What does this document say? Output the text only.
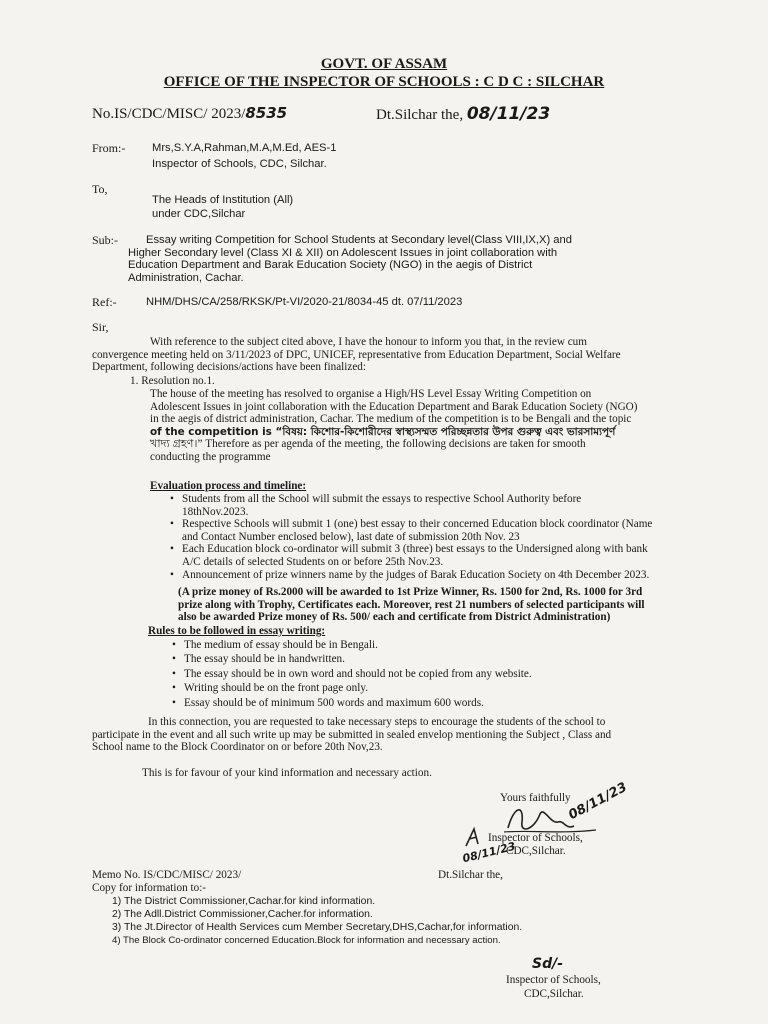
GOVT. OF ASSAM
OFFICE OF THE INSPECTOR OF SCHOOLS : C D C : SILCHAR
No.IS/CDC/MISC/ 2023/8535	Dt.Silchar the, 08/11/23
From:- Mrs,S.Y.A,Rahman,M.A,M.Ed, AES-1
Inspector of Schools, CDC, Silchar.
To,
The Heads of Institution (All)
under CDC,Silchar
Sub:- Essay writing Competition for School Students at Secondary level(Class VIII,IX,X) and
Higher Secondary level (Class XI & XII) on Adolescent Issues in joint collaboration with
Education Department and Barak Education Society (NGO) in the aegis of District
Administration, Cachar.
Ref:-	NHM/DHS/CA/258/RKSK/Pt-VI/2020-21/8034-45 dt. 07/11/2023
Sir,
With reference to the subject cited above, I have the honour to inform you that, in the review cum
convergence meeting held on 3/11/2023 of DPC, UNICEF, representative from Education Department, Social Welfare
Department, following decisions/actions have been finalized:
1. Resolution no.1.
The house of the meeting has resolved to organise a High/HS Level Essay Writing Competition on
Adolescent Issues in joint collaboration with the Education Department and Barak Education Society (NGO)
in the aegis of district administration, Cachar. The medium of the competition is to be Bengali and the topic
of the competition is “বিষয়: কিশোর-কিশোরীদের স্বাস্থ্যসম্মত পরিচ্ছন্নতার উপর গুরুত্ব এবং ভারসাম্যপূর্ণ
খাদ্য গ্রহণ।” Therefore as per agenda of the meeting, the following decisions are taken for smooth
conducting the programme
Evaluation process and timeline:
• Students from all the School will submit the essays to respective School Authority before
18thNov.2023.
• Respective Schools will submit 1 (one) best essay to their concerned Education block coordinator (Name
and Contact Number enclosed below), last date of submission 20th Nov. 23
• Each Education block co-ordinator will submit 3 (three) best essays to the Undersigned along with bank
A/C details of selected Students on or before 25th Nov.23.
• Announcement of prize winners name by the judges of Barak Education Society on 4th December 2023.
(A prize money of Rs.2000 will be awarded to 1st Prize Winner, Rs. 1500 for 2nd, Rs. 1000 for 3rd
prize along with Trophy, Certificates each. Moreover, rest 21 numbers of selected participants will
also be awarded Prize money of Rs. 500/ each and certificate from District Administration)
Rules to be followed in essay writing:
• The medium of essay should be in Bengali.
• The essay should be in handwritten.
• The essay should be in own word and should not be copied from any website.
• Writing should be on the front page only.
• Essay should be of minimum 500 words and maximum 600 words.
In this connection, you are requested to take necessary steps to encourage the students of the school to
participate in the event and all such write up may be submitted in sealed envelop mentioning the Subject , Class and
School name to the Block Coordinator on or before 20th Nov,23.
This is for favour of your kind information and necessary action.
Yours faithfully
08/11/23
08/11/23
Inspector of Schools,
CDC,Silchar.
Memo No. IS/CDC/MISC/ 2023/	Dt.Silchar the,
Copy for information to:-
1) The District Commissioner,Cachar.for kind information.
2) The Adll.District Commissioner,Cacher.for information.
3) The Jt.Director of Health Services cum Member Secretary,DHS,Cachar,for information.
4) The Block Co-ordinator concerned Education.Block for information and necessary action.
Sd/-
Inspector of Schools,
CDC,Silchar.
